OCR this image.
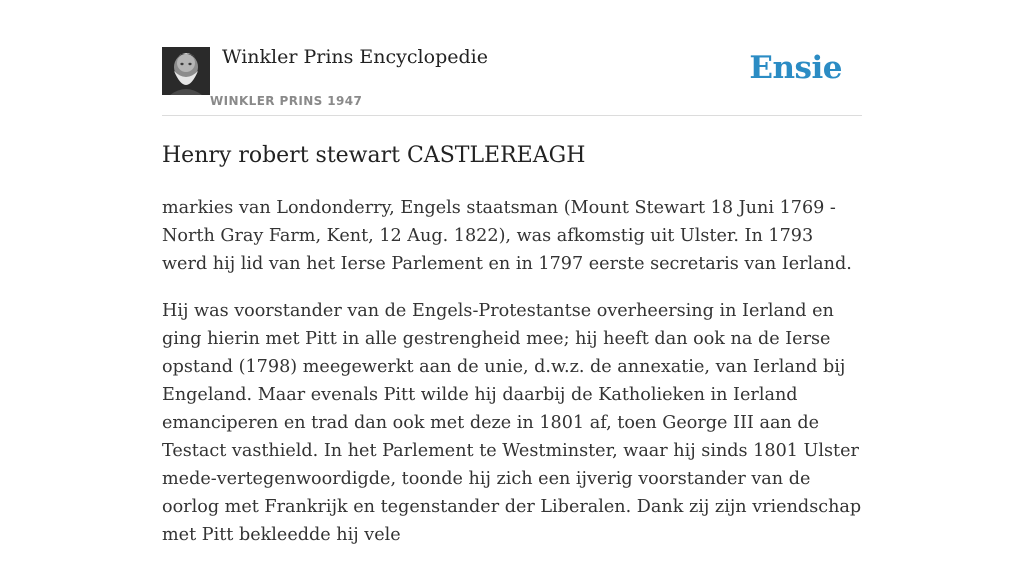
Winkler Prins Encyclopedie
WINKLER PRINS 1947
Ensie
Henry robert stewart CASTLEREAGH

markies van Londonderry, Engels staatsman (Mount Stewart 18 Juni 1769 - North Gray Farm, Kent, 12 Aug. 1822), was afkomstig uit Ulster. In 1793 werd hij lid van het Ierse Parlement en in 1797 eerste secretaris van Ierland.

Hij was voorstander van de Engels-Protestantse overheersing in Ierland en ging hierin met Pitt in alle gestrengheid mee; hij heeft dan ook na de Ierse opstand (1798) meegewerkt aan de unie, d.w.z. de annexatie, van Ierland bij Engeland. Maar evenals Pitt wilde hij daarbij de Katholieken in Ierland emanciperen en trad dan ook met deze in 1801 af, toen George III aan de Testact vasthield. In het Parlement te Westminster, waar hij sinds 1801 Ulster mede-vertegenwoordigde, toonde hij zich een ijverig voorstander van de oorlog met Frankrijk en tegenstander der Liberalen. Dank zij zijn vriendschap met Pitt bekleedde hij vele
